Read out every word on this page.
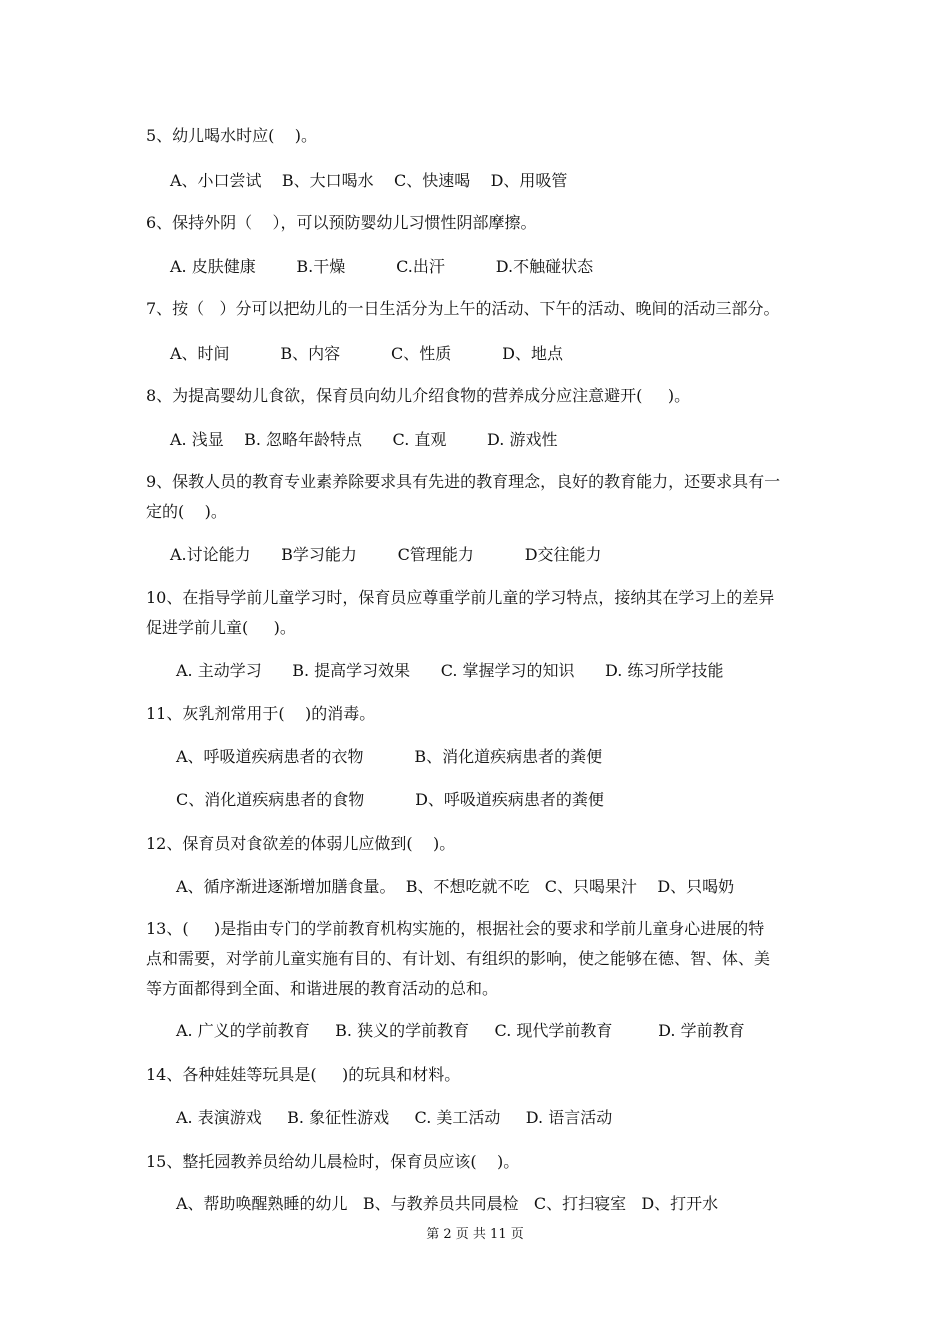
5、幼儿喝水时应(    )。
A、小口尝试    B、大口喝水    C、快速喝    D、用吸管
6、保持外阴（    ），可以预防婴幼儿习惯性阴部摩擦。
A. 皮肤健康        B.干燥          C.出汗          D.不触碰状态
7、按（   ）分可以把幼儿的一日生活分为上午的活动、下午的活动、晚间的活动三部分。
A、时间          B、内容          C、性质          D、地点
8、为提高婴幼儿食欲，保育员向幼儿介绍食物的营养成分应注意避开(     )。
A. 浅显    B. 忽略年龄特点      C. 直观        D. 游戏性
9、保教人员的教育专业素养除要求具有先进的教育理念，良好的教育能力，还要求具有一
定的(    )。
A.讨论能力      B学习能力        C管理能力          D交往能力
10、在指导学前儿童学习时，保育员应尊重学前儿童的学习特点，接纳其在学习上的差异
促进学前儿童(     )。
A. 主动学习      B. 提高学习效果      C. 掌握学习的知识      D. 练习所学技能
11、灰乳剂常用于(    )的消毒。
A、呼吸道疾病患者的衣物          B、消化道疾病患者的粪便
C、消化道疾病患者的食物          D、呼吸道疾病患者的粪便
12、保育员对食欲差的体弱儿应做到(    )。
A、循序渐进逐渐增加膳食量。  B、不想吃就不吃   C、只喝果汁    D、只喝奶
13、(     )是指由专门的学前教育机构实施的，根据社会的要求和学前儿童身心进展的特
点和需要，对学前儿童实施有目的、有计划、有组织的影响，使之能够在德、智、体、美
等方面都得到全面、和谐进展的教育活动的总和。
A. 广义的学前教育     B. 狭义的学前教育     C. 现代学前教育         D. 学前教育
14、各种娃娃等玩具是(     )的玩具和材料。
A. 表演游戏     B. 象征性游戏     C. 美工活动     D. 语言活动
15、整托园教养员给幼儿晨检时，保育员应该(    )。
A、帮助唤醒熟睡的幼儿   B、与教养员共同晨检   C、打扫寝室   D、打开水
第 2 页 共 11 页
